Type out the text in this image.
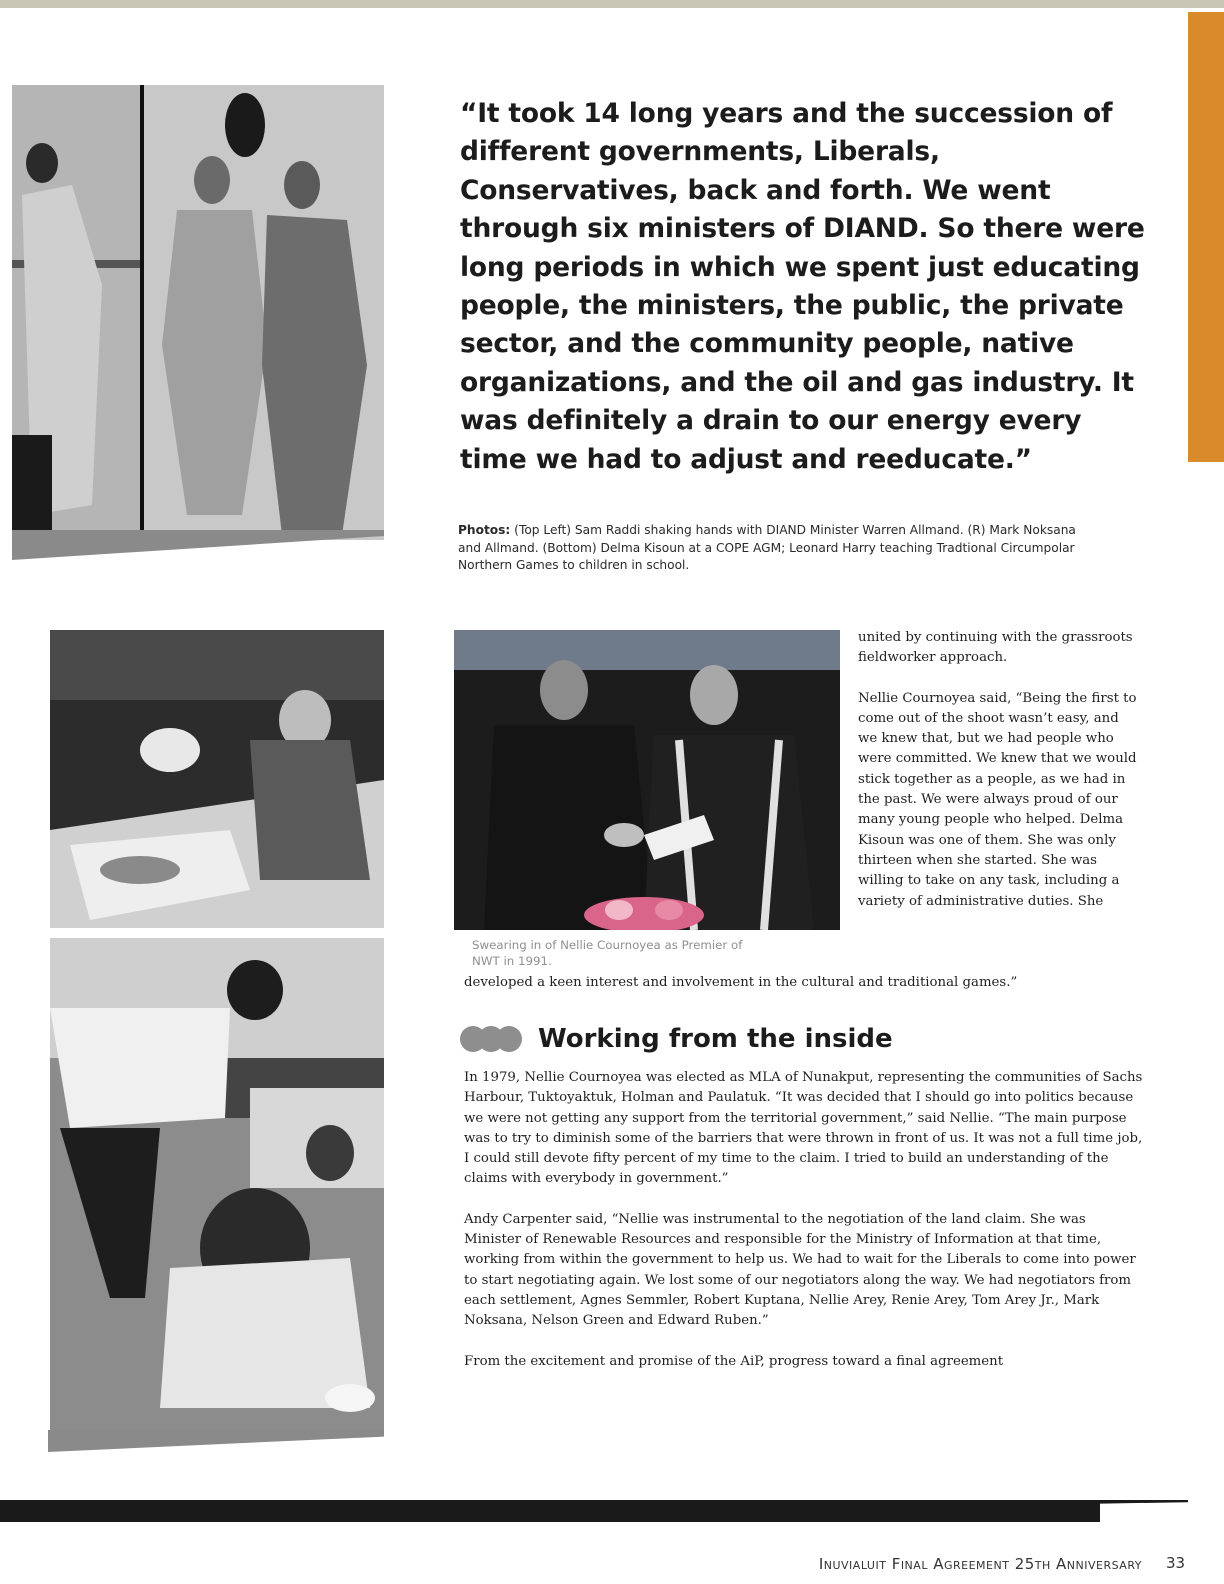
“It took 14 long years and the succession of different governments, Liberals, Conservatives, back and forth. We went through six ministers of DIAND. So there were long periods in which we spent just educating people, the ministers, the public, the private sector, and the community people, native organizations, and the oil and gas industry. It was definitely a drain to our energy every time we had to adjust and reeducate.”
Photos: (Top Left) Sam Raddi shaking hands with DIAND Minister Warren Allmand. (R) Mark Noksana and Allmand. (Bottom) Delma Kisoun at a COPE AGM; Leonard Harry teaching Tradtional Circumpolar Northern Games to children in school.
Swearing in of Nellie Cournoyea as Premier of NWT in 1991.

united by continuing with the grassroots fieldworker approach.

Nellie Cournoyea said, “Being the first to come out of the shoot wasn’t easy, and we knew that, but we had people who were committed. We knew that we would stick together as a people, as we had in the past. We were always proud of our many young people who helped. Delma Kisoun was one of them. She was only thirteen when she started. She was willing to take on any task, including a variety of administrative duties. She

developed a keen interest and involvement in the cultural and traditional games.”
Working from the inside

In 1979, Nellie Cournoyea was elected as MLA of Nunakput, representing the communities of Sachs Harbour, Tuktoyaktuk, Holman and Paulatuk. “It was decided that I should go into politics because we were not getting any support from the territorial government,” said Nellie. “The main purpose was to try to diminish some of the barriers that were thrown in front of us. It was not a full time job, I could still devote fifty percent of my time to the claim. I tried to build an understanding of the claims with everybody in government.”

Andy Carpenter said, “Nellie was instrumental to the negotiation of the land claim. She was Minister of Renewable Resources and responsible for the Ministry of Information at that time, working from within the government to help us. We had to wait for the Liberals to come into power to start negotiating again. We lost some of our negotiators along the way. We had negotiators from each settlement, Agnes Semmler, Robert Kuptana, Nellie Arey, Renie Arey, Tom Arey Jr., Mark Noksana, Nelson Green and Edward Ruben.”

From the excitement and promise of the AiP, progress toward a final agreement

Inuvialuit Final Agreement 25th Anniversary 33
